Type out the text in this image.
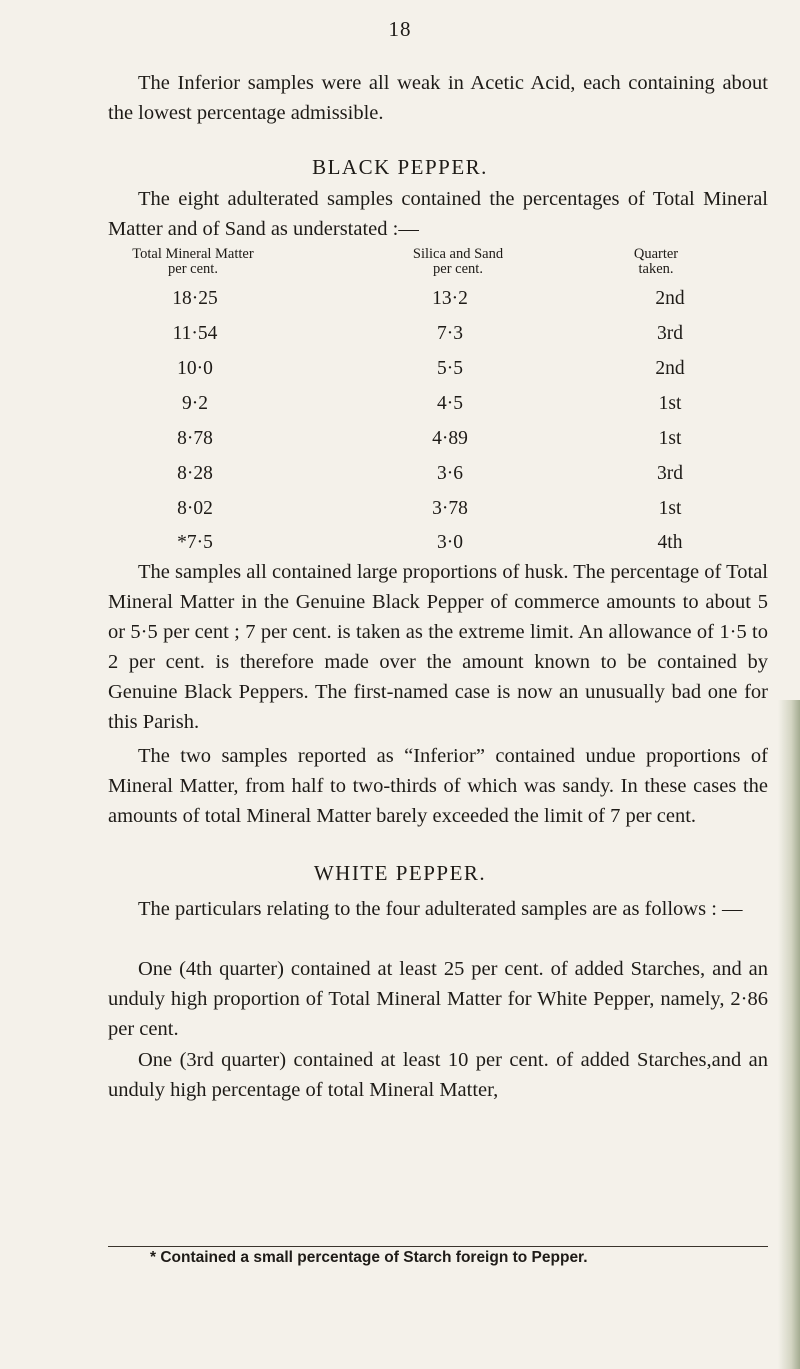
18

The Inferior samples were all weak in Acetic Acid, each containing about the lowest percentage admissible.

BLACK PEPPER.

The eight adulterated samples contained the percentages of Total Mineral Matter and of Sand as understated :—

Total Mineral Matter
per cent.
Silica and Sand
per cent.
Quarter
taken.
18·25	13·2	2nd
11·54	7·3	3rd
10·0	5·5	2nd
9·2	4·5	1st
8·78	4·89	1st
8·28	3·6	3rd
8·02	3·78	1st
*7·5	3·0	4th

The samples all contained large proportions of husk. The percentage of Total Mineral Matter in the Genuine Black Pepper of commerce amounts to about 5 or 5·5 per cent ; 7 per cent. is taken as the extreme limit. An allowance of 1·5 to 2 per cent. is therefore made over the amount known to be contained by Genuine Black Peppers. The first-named case is now an unusually bad one for this Parish.

The two samples reported as “Inferior” contained undue proportions of Mineral Matter, from half to two-thirds of which was sandy. In these cases the amounts of total Mineral Matter barely exceeded the limit of 7 per cent.

WHITE PEPPER.

The particulars relating to the four adulterated samples are as follows : —

One (4th quarter) contained at least 25 per cent. of added Starches, and an unduly high proportion of Total Mineral Matter for White Pepper, namely, 2·86 per cent.

One (3rd quarter) contained at least 10 per cent. of added Starches,and an unduly high percentage of total Mineral Matter,

* Contained a small percentage of Starch foreign to Pepper.
